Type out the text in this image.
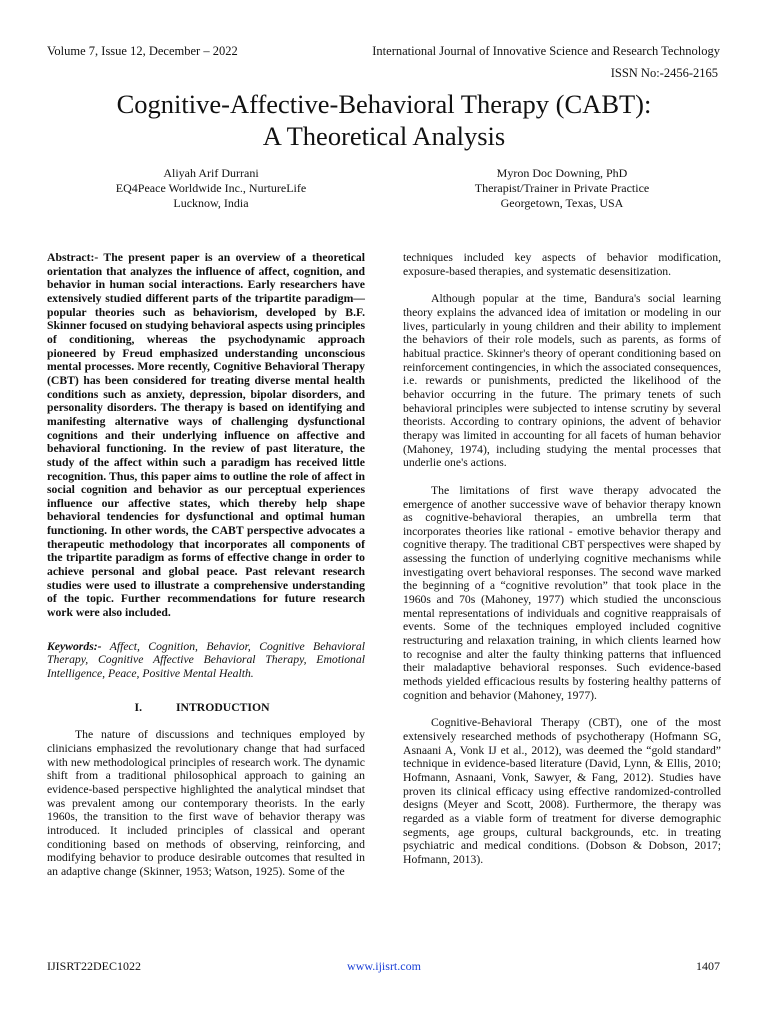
Volume 7, Issue 12, December – 2022	International Journal of Innovative Science and Research Technology
ISSN No:-2456-2165
Cognitive-Affective-Behavioral Therapy (CABT):
A Theoretical Analysis
Aliyah Arif Durrani
EQ4Peace Worldwide Inc., NurtureLife
Lucknow, India
Myron Doc Downing, PhD
Therapist/Trainer in Private Practice
Georgetown, Texas, USA

Abstract:- The present paper is an overview of a theoretical orientation that analyzes the influence of affect, cognition, and behavior in human social interactions. Early researchers have extensively studied different parts of the tripartite paradigm—popular theories such as behaviorism, developed by B.F. Skinner focused on studying behavioral aspects using principles of conditioning, whereas the psychodynamic approach pioneered by Freud emphasized understanding unconscious mental processes. More recently, Cognitive Behavioral Therapy (CBT) has been considered for treating diverse mental health conditions such as anxiety, depression, bipolar disorders, and personality disorders. The therapy is based on identifying and manifesting alternative ways of challenging dysfunctional cognitions and their underlying influence on affective and behavioral functioning. In the review of past literature, the study of the affect within such a paradigm has received little recognition. Thus, this paper aims to outline the role of affect in social cognition and behavior as our perceptual experiences influence our affective states, which thereby help shape behavioral tendencies for dysfunctional and optimal human functioning. In other words, the CABT perspective advocates a therapeutic methodology that incorporates all components of the tripartite paradigm as forms of effective change in order to achieve personal and global peace. Past relevant research studies were used to illustrate a comprehensive understanding of the topic. Further recommendations for future research work were also included.

Keywords:- Affect, Cognition, Behavior, Cognitive Behavioral Therapy, Cognitive Affective Behavioral Therapy, Emotional Intelligence, Peace, Positive Mental Health.

I.	INTRODUCTION

The nature of discussions and techniques employed by clinicians emphasized the revolutionary change that had surfaced with new methodological principles of research work. The dynamic shift from a traditional philosophical approach to gaining an evidence-based perspective highlighted the analytical mindset that was prevalent among our contemporary theorists. In the early 1960s, the transition to the first wave of behavior therapy was introduced. It included principles of classical and operant conditioning based on methods of observing, reinforcing, and modifying behavior to produce desirable outcomes that resulted in an adaptive change (Skinner, 1953; Watson, 1925). Some of the

techniques included key aspects of behavior modification, exposure-based therapies, and systematic desensitization.

Although popular at the time, Bandura's social learning theory explains the advanced idea of imitation or modeling in our lives, particularly in young children and their ability to implement the behaviors of their role models, such as parents, as forms of habitual practice. Skinner's theory of operant conditioning based on reinforcement contingencies, in which the associated consequences, i.e. rewards or punishments, predicted the likelihood of the behavior occurring in the future. The primary tenets of such behavioral principles were subjected to intense scrutiny by several theorists. According to contrary opinions, the advent of behavior therapy was limited in accounting for all facets of human behavior (Mahoney, 1974), including studying the mental processes that underlie one's actions.

The limitations of first wave therapy advocated the emergence of another successive wave of behavior therapy known as cognitive-behavioral therapies, an umbrella term that incorporates theories like rational - emotive behavior therapy and cognitive therapy. The traditional CBT perspectives were shaped by assessing the function of underlying cognitive mechanisms while investigating overt behavioral responses. The second wave marked the beginning of a “cognitive revolution” that took place in the 1960s and 70s (Mahoney, 1977) which studied the unconscious mental representations of individuals and cognitive reappraisals of events. Some of the techniques employed included cognitive restructuring and relaxation training, in which clients learned how to recognise and alter the faulty thinking patterns that influenced their maladaptive behavioral responses. Such evidence-based methods yielded efficacious results by fostering healthy patterns of cognition and behavior (Mahoney, 1977).

Cognitive-Behavioral Therapy (CBT), one of the most extensively researched methods of psychotherapy (Hofmann SG, Asnaani A, Vonk IJ et al., 2012), was deemed the “gold standard” technique in evidence-based literature (David, Lynn, & Ellis, 2010; Hofmann, Asnaani, Vonk, Sawyer, & Fang, 2012). Studies have proven its clinical efficacy using effective randomized-controlled designs (Meyer and Scott, 2008). Furthermore, the therapy was regarded as a viable form of treatment for diverse demographic segments, age groups, cultural backgrounds, etc. in treating psychiatric and medical conditions. (Dobson & Dobson, 2017; Hofmann, 2013).

IJISRT22DEC1022	www.ijisrt.com	1407
